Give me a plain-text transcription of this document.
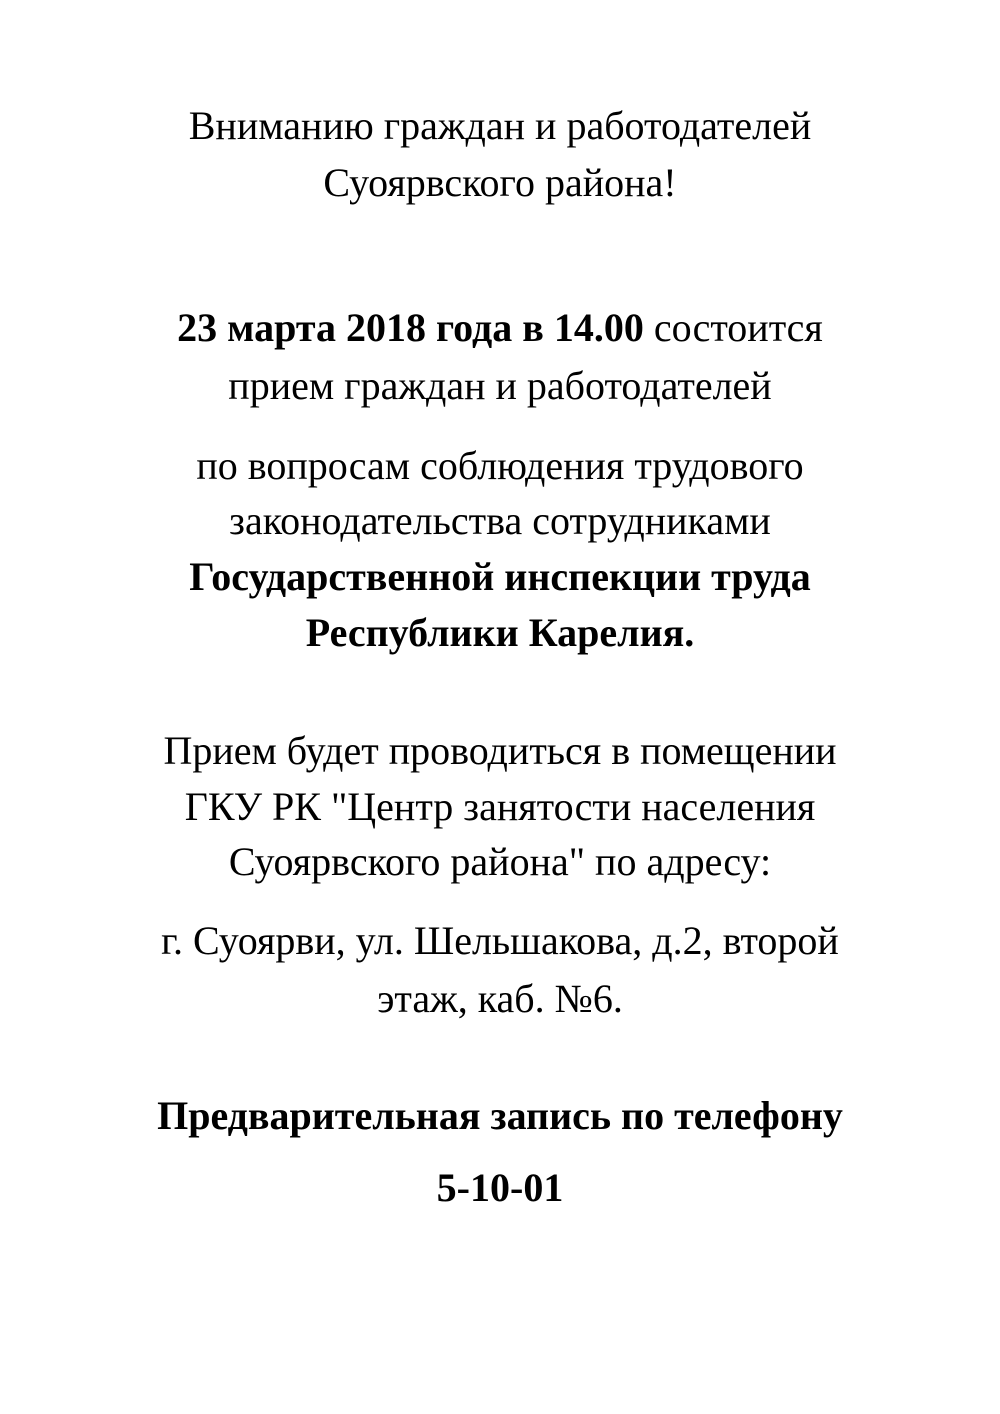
Вниманию граждан и работодателей
Суоярвского района!
23 марта 2018 года в 14.00 состоится
прием граждан и работодателей
по вопросам соблюдения трудового
законодательства сотрудниками
Государственной инспекции труда
Республики Карелия.
Прием будет проводиться в помещении
ГКУ РК "Центр занятости населения
Суоярвского района" по адресу:
г. Суоярви, ул. Шельшакова, д.2, второй
этаж, каб. №6.
Предварительная запись по телефону
5-10-01
